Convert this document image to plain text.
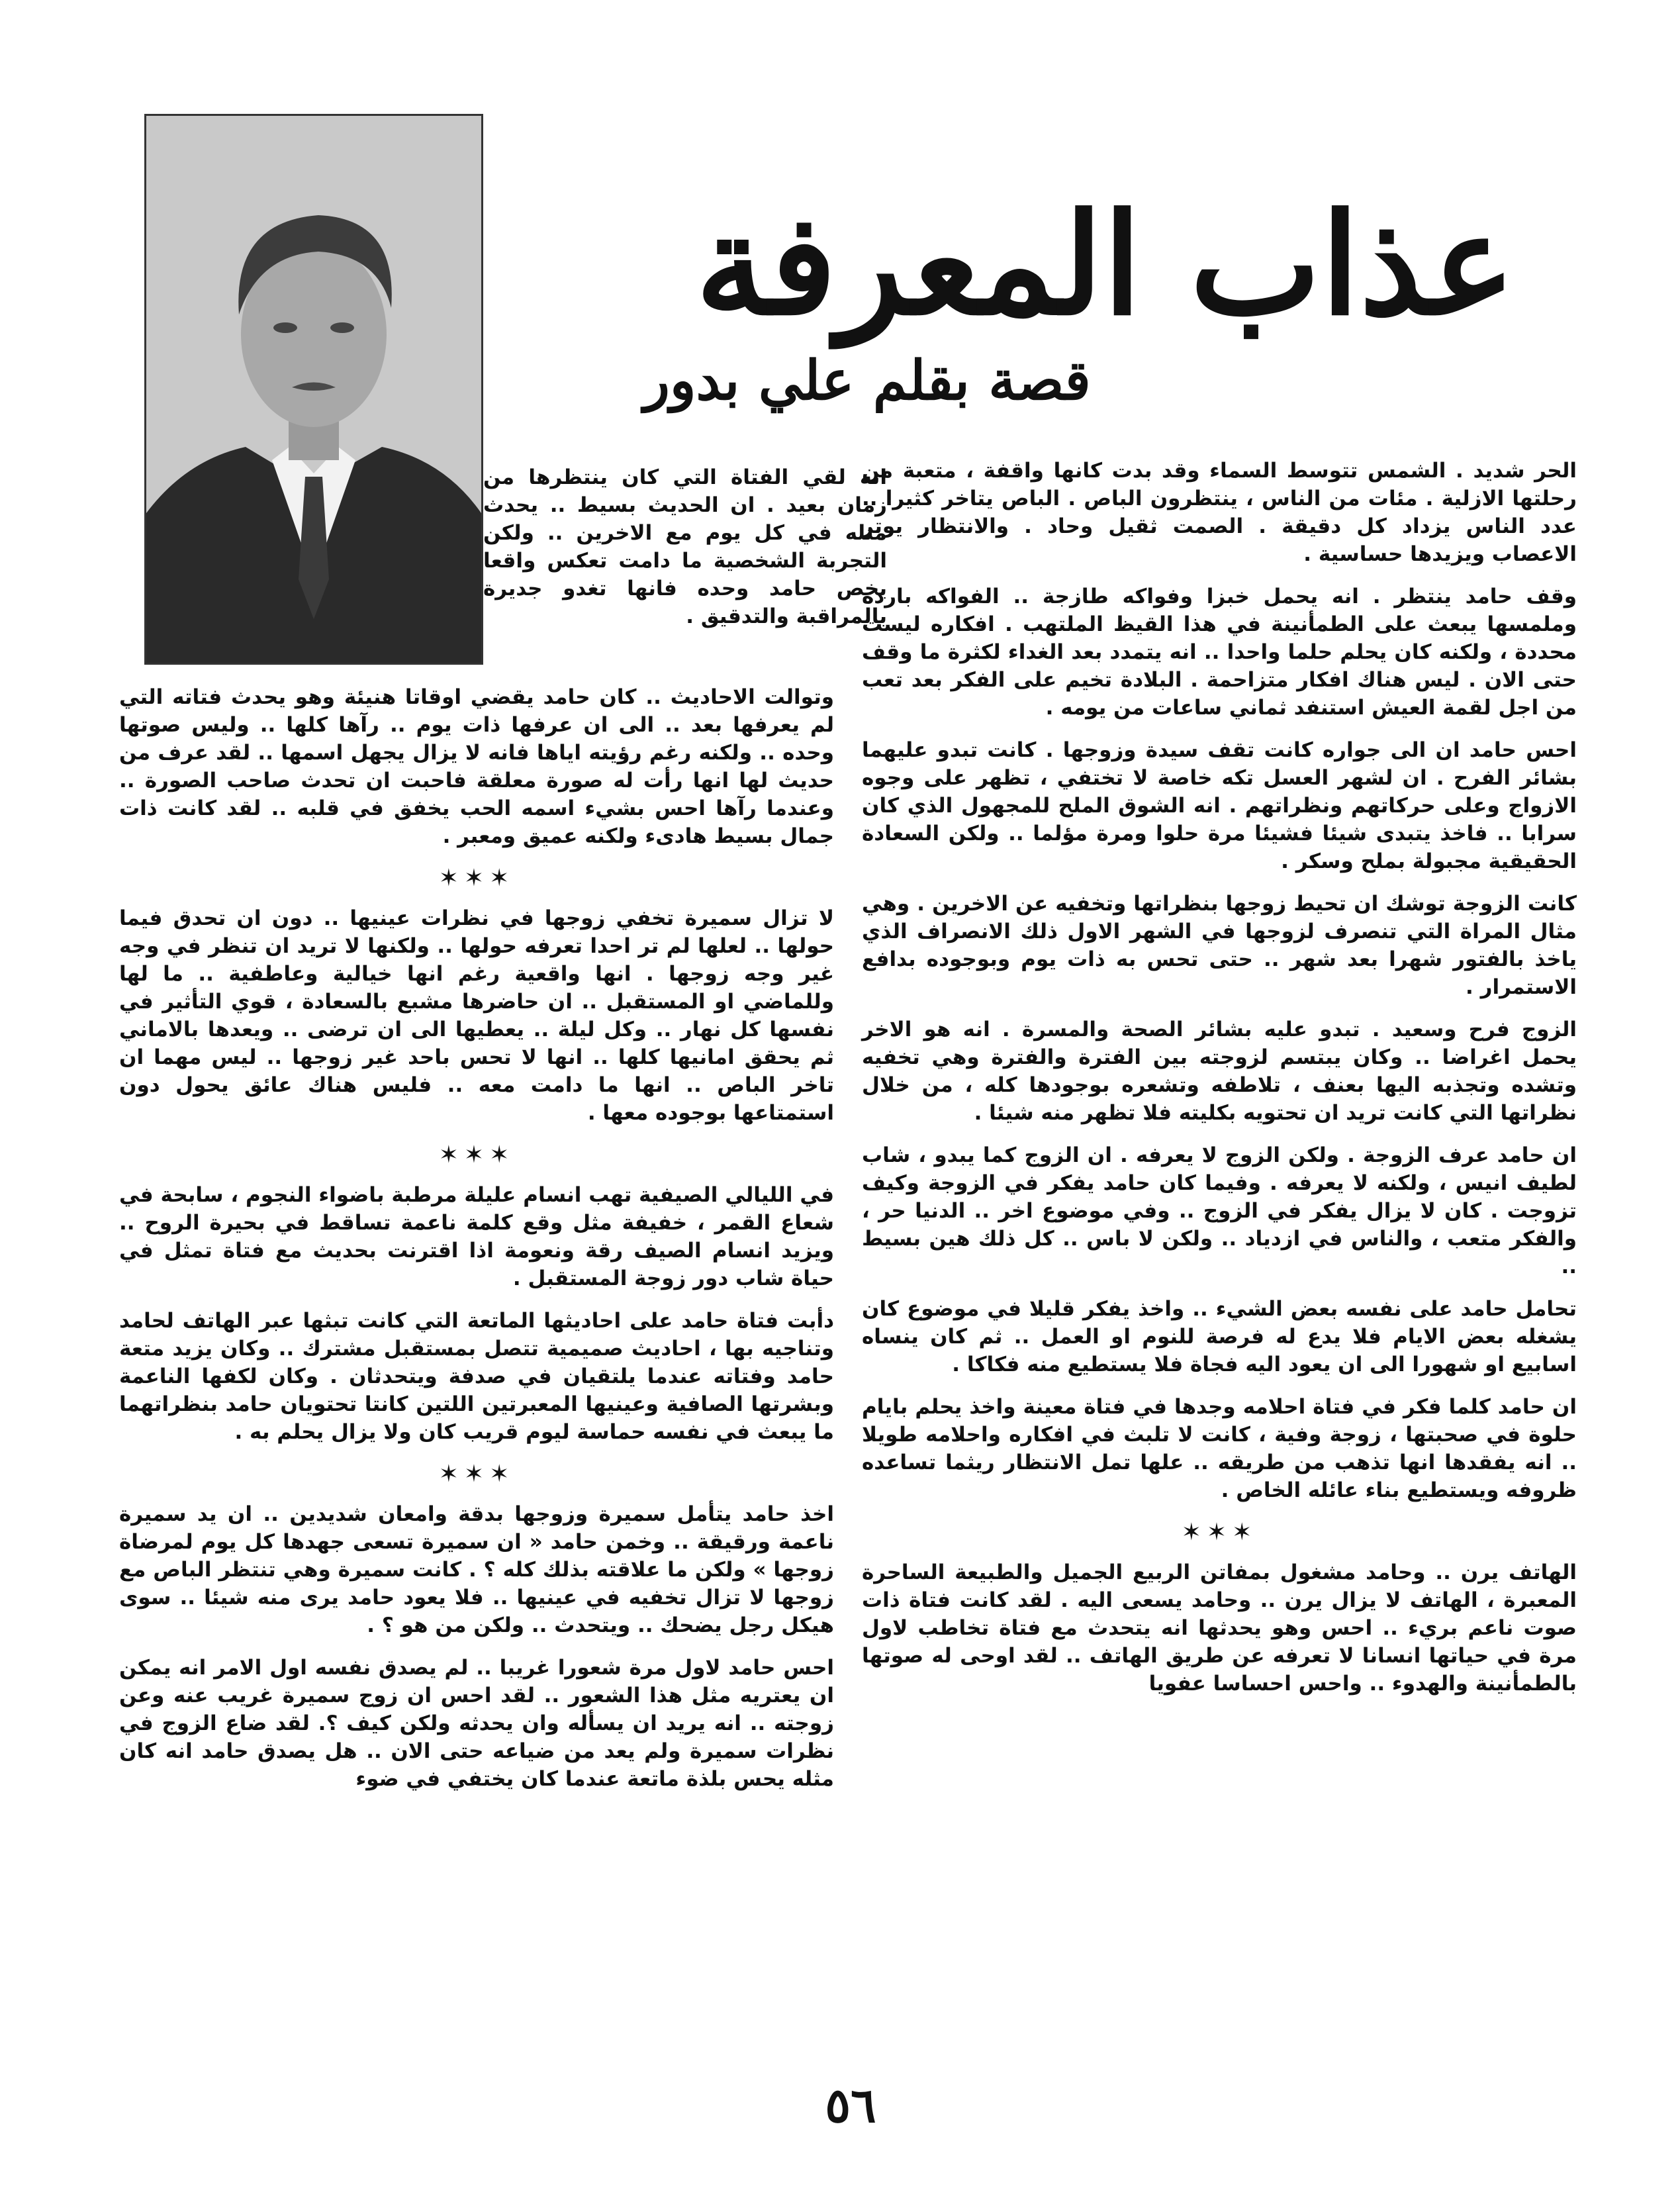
عذاب المعرفة
قصة بقلم علي بدور

الحر شديد . الشمس تتوسط السماء وقد بدت كانها واقفة ، متعبة من رحلتها الازلية . مئات من الناس ، ينتظرون الباص . الباص يتاخر كثيرا .. عدد الناس يزداد كل دقيقة . الصمت ثقيل وحاد . والانتظار يوتر الاعصاب ويزيدها حساسية .

وقف حامد ينتظر . انه يحمل خبزا وفواكه طازجة .. الفواكه باردة وملمسها يبعث على الطمأنينة في هذا القيظ الملتهب . افكاره ليست محددة ، ولكنه كان يحلم حلما واحدا .. انه يتمدد بعد الغداء لكثرة ما وقف حتى الان . ليس هناك افكار متزاحمة . البلادة تخيم على الفكر بعد تعب من اجل لقمة العيش استنفد ثماني ساعات من يومه .

احس حامد ان الى جواره كانت تقف سيدة وزوجها . كانت تبدو عليهما بشائر الفرح . ان لشهر العسل تكه خاصة لا تختفي ، تظهر على وجوه الازواج وعلى حركاتهم ونظراتهم . انه الشوق الملح للمجهول الذي كان سرابا .. فاخذ يتبدى شيئا فشيئا مرة حلوا ومرة مؤلما .. ولكن السعادة الحقيقية مجبولة بملح وسكر .

كانت الزوجة توشك ان تحيط زوجها بنظراتها وتخفيه عن الاخرين . وهي مثال المراة التي تنصرف لزوجها في الشهر الاول ذلك الانصراف الذي ياخذ بالفتور شهرا بعد شهر .. حتى تحس به ذات يوم وبوجوده بدافع الاستمرار .

الزوج فرح وسعيد . تبدو عليه بشائر الصحة والمسرة . انه هو الاخر يحمل اغراضا .. وكان يبتسم لزوجته بين الفترة والفترة وهي تخفيه وتشده وتجذبه اليها بعنف ، تلاطفه وتشعره بوجودها كله ، من خلال نظراتها التي كانت تريد ان تحتويه بكليته فلا تظهر منه شيئا .

ان حامد عرف الزوجة . ولكن الزوج لا يعرفه . ان الزوج كما يبدو ، شاب لطيف انيس ، ولكنه لا يعرفه . وفيما كان حامد يفكر في الزوجة وكيف تزوجت . كان لا يزال يفكر في الزوج .. وفي موضوع اخر .. الدنيا حر ، والفكر متعب ، والناس في ازدياد .. ولكن لا باس .. كل ذلك هين بسيط ..

تحامل حامد على نفسه بعض الشيء .. واخذ يفكر قليلا في موضوع كان يشغله بعض الايام فلا يدع له فرصة للنوم او العمل .. ثم كان ينساه اسابيع او شهورا الى ان يعود اليه فجاة فلا يستطيع منه فكاكا .

ان حامد كلما فكر في فتاة احلامه وجدها في فتاة معينة واخذ يحلم بايام حلوة في صحبتها ، زوجة وفية ، كانت لا تلبث في افكاره واحلامه طويلا .. انه يفقدها انها تذهب من طريقه .. علها تمل الانتظار ريثما تساعده ظروفه ويستطيع بناء عائله الخاص .

✶✶✶

الهاتف يرن .. وحامد مشغول بمفاتن الربيع الجميل والطبيعة الساحرة المعبرة ، الهاتف لا يزال يرن .. وحامد يسعى اليه . لقد كانت فتاة ذات صوت ناعم بريء .. احس وهو يحدثها انه يتحدث مع فتاة تخاطب لاول مرة في حياتها انسانا لا تعرفه عن طريق الهاتف .. لقد اوحى له صوتها بالطمأنينة والهدوء .. واحس احساسا عفويا

انه لقي الفتاة التي كان ينتظرها من زمان بعيد . ان الحديث بسيط .. يحدث مثله في كل يوم مع الاخرين .. ولكن التجربة الشخصية ما دامت تعكس واقعا يخص حامد وحده فانها تغدو جديرة بالمراقبة والتدقيق .

وتوالت الاحاديث .. كان حامد يقضي اوقاتا هنيئة وهو يحدث فتاته التي لم يعرفها بعد .. الى ان عرفها ذات يوم .. رآها كلها .. وليس صوتها وحده .. ولكنه رغم رؤيته اياها فانه لا يزال يجهل اسمها .. لقد عرف من حديث لها انها رأت له صورة معلقة فاحبت ان تحدث صاحب الصورة .. وعندما رآها احس بشيء اسمه الحب يخفق في قلبه .. لقد كانت ذات جمال بسيط هادىء ولكنه عميق ومعبر .

✶✶✶

لا تزال سميرة تخفي زوجها في نظرات عينيها .. دون ان تحدق فيما حولها .. لعلها لم تر احدا تعرفه حولها .. ولكنها لا تريد ان تنظر في وجه غير وجه زوجها . انها واقعية رغم انها خيالية وعاطفية .. ما لها وللماضي او المستقبل .. ان حاضرها مشبع بالسعادة ، قوي التأثير في نفسها كل نهار .. وكل ليلة .. يعطيها الى ان ترضى .. ويعدها بالاماني ثم يحقق امانيها كلها .. انها لا تحس باحد غير زوجها .. ليس مهما ان تاخر الباص .. انها ما دامت معه .. فليس هناك عائق يحول دون استمتاعها بوجوده معها .

✶✶✶

في الليالي الصيفية تهب انسام عليلة مرطبة باضواء النجوم ، سابحة في شعاع القمر ، خفيفة مثل وقع كلمة ناعمة تساقط في بحيرة الروح .. ويزيد انسام الصيف رقة ونعومة اذا اقترنت بحديث مع فتاة تمثل في حياة شاب دور زوجة المستقبل .

دأبت فتاة حامد على احاديثها الماتعة التي كانت تبثها عبر الهاتف لحامد وتناجيه بها ، احاديث صميمية تتصل بمستقبل مشترك .. وكان يزيد متعة حامد وفتاته عندما يلتقيان في صدفة ويتحدثان . وكان لكفها الناعمة وبشرتها الصافية وعينيها المعبرتين اللتين كانتا تحتويان حامد بنظراتهما ما يبعث في نفسه حماسة ليوم قريب كان ولا يزال يحلم به .

✶✶✶

اخذ حامد يتأمل سميرة وزوجها بدقة وامعان شديدين .. ان يد سميرة ناعمة ورقيقة .. وخمن حامد « ان سميرة تسعى جهدها كل يوم لمرضاة زوجها » ولكن ما علاقته بذلك كله ؟ . كانت سميرة وهي تنتظر الباص مع زوجها لا تزال تخفيه في عينيها .. فلا يعود حامد يرى منه شيئا .. سوى هيكل رجل يضحك .. ويتحدث .. ولكن من هو ؟ .

احس حامد لاول مرة شعورا غريبا .. لم يصدق نفسه اول الامر انه يمكن ان يعتريه مثل هذا الشعور .. لقد احس ان زوج سميرة غريب عنه وعن زوجته .. انه يريد ان يسأله وان يحدثه ولكن كيف ؟. لقد ضاع الزوج في نظرات سميرة ولم يعد من ضياعه حتى الان .. هل يصدق حامد انه كان مثله يحس بلذة ماتعة عندما كان يختفي في ضوء

٥٦
